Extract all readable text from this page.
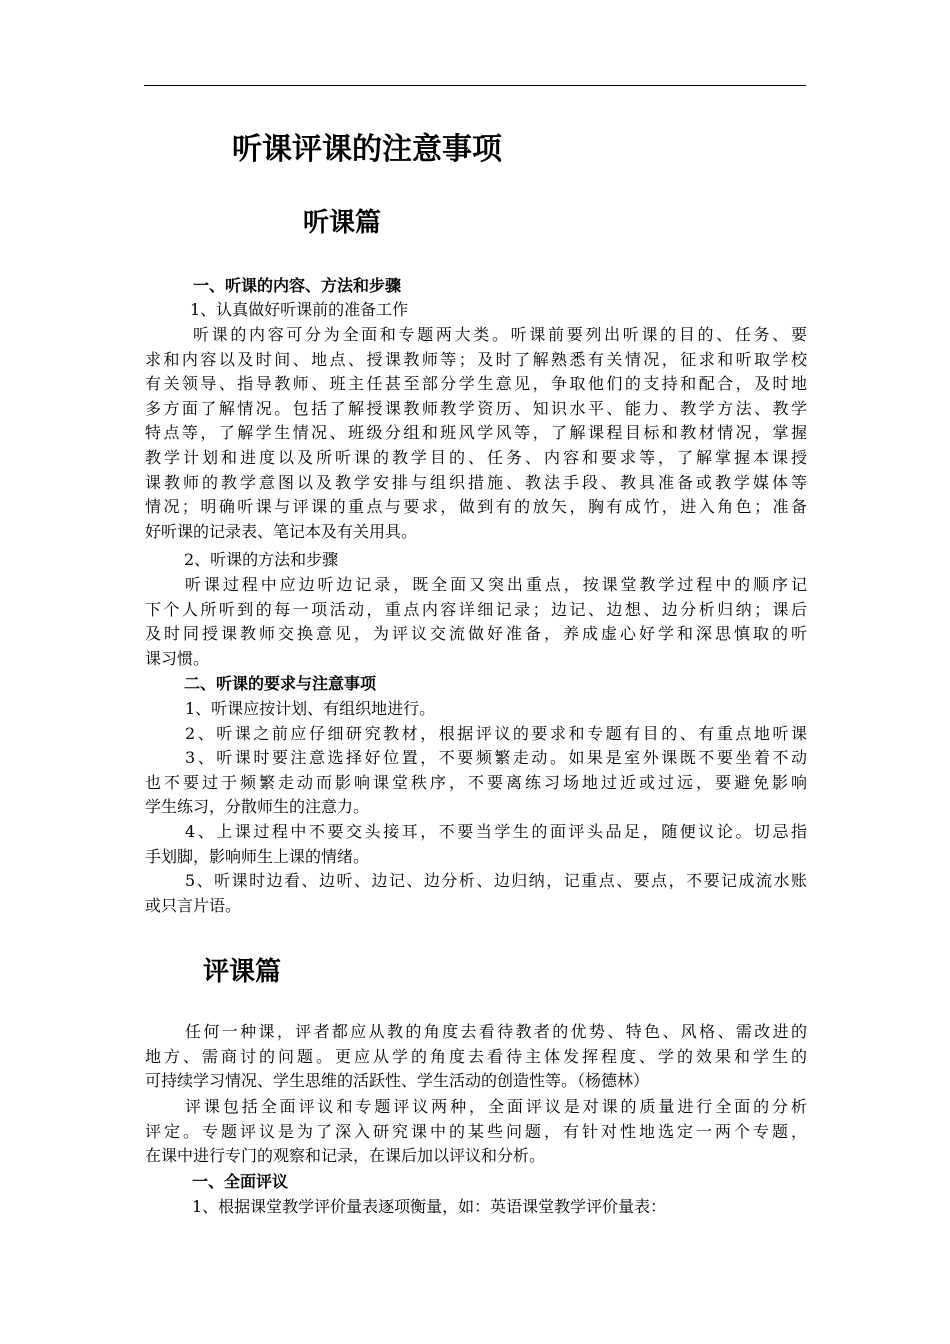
听课评课的注意事项
听课篇
一、听课的内容、方法和步骤
1、认真做好听课前的准备工作
听课的内容可分为全面和专题两大类。听课前要列出听课的目的、任务、要
求和内容以及时间、地点、授课教师等；及时了解熟悉有关情况，征求和听取学校
有关领导、指导教师、班主任甚至部分学生意见，争取他们的支持和配合，及时地
多方面了解情况。包括了解授课教师教学资历、知识水平、能力、教学方法、教学
特点等，了解学生情况、班级分组和班风学风等，了解课程目标和教材情况，掌握
教学计划和进度以及所听课的教学目的、任务、内容和要求等，了解掌握本课授
课教师的教学意图以及教学安排与组织措施、教法手段、教具准备或教学媒体等
情况；明确听课与评课的重点与要求，做到有的放矢，胸有成竹，进入角色；准备
好听课的记录表、笔记本及有关用具。
2、听课的方法和步骤
听课过程中应边听边记录，既全面又突出重点，按课堂教学过程中的顺序记
下个人所听到的每一项活动，重点内容详细记录；边记、边想、边分析归纳；课后
及时同授课教师交换意见，为评议交流做好准备，养成虚心好学和深思慎取的听
课习惯。
二、听课的要求与注意事项
1、听课应按计划、有组织地进行。
2、听课之前应仔细研究教材，根据评议的要求和专题有目的、有重点地听课
3、听课时要注意选择好位置，不要频繁走动。如果是室外课既不要坐着不动
也不要过于频繁走动而影响课堂秩序，不要离练习场地过近或过远，要避免影响
学生练习，分散师生的注意力。
4、上课过程中不要交头接耳，不要当学生的面评头品足，随便议论。切忌指
手划脚，影响师生上课的情绪。
5、听课时边看、边听、边记、边分析、边归纳，记重点、要点，不要记成流水账
或只言片语。
评课篇
任何一种课，评者都应从教的角度去看待教者的优势、特色、风格、需改进的
地方、需商讨的问题。更应从学的角度去看待主体发挥程度、学的效果和学生的
可持续学习情况、学生思维的活跃性、学生活动的创造性等。（杨德林）
评课包括全面评议和专题评议两种，全面评议是对课的质量进行全面的分析
评定。专题评议是为了深入研究课中的某些问题，有针对性地选定一两个专题，
在课中进行专门的观察和记录，在课后加以评议和分析。
一、全面评议
1、根据课堂教学评价量表逐项衡量，如：英语课堂教学评价量表：
